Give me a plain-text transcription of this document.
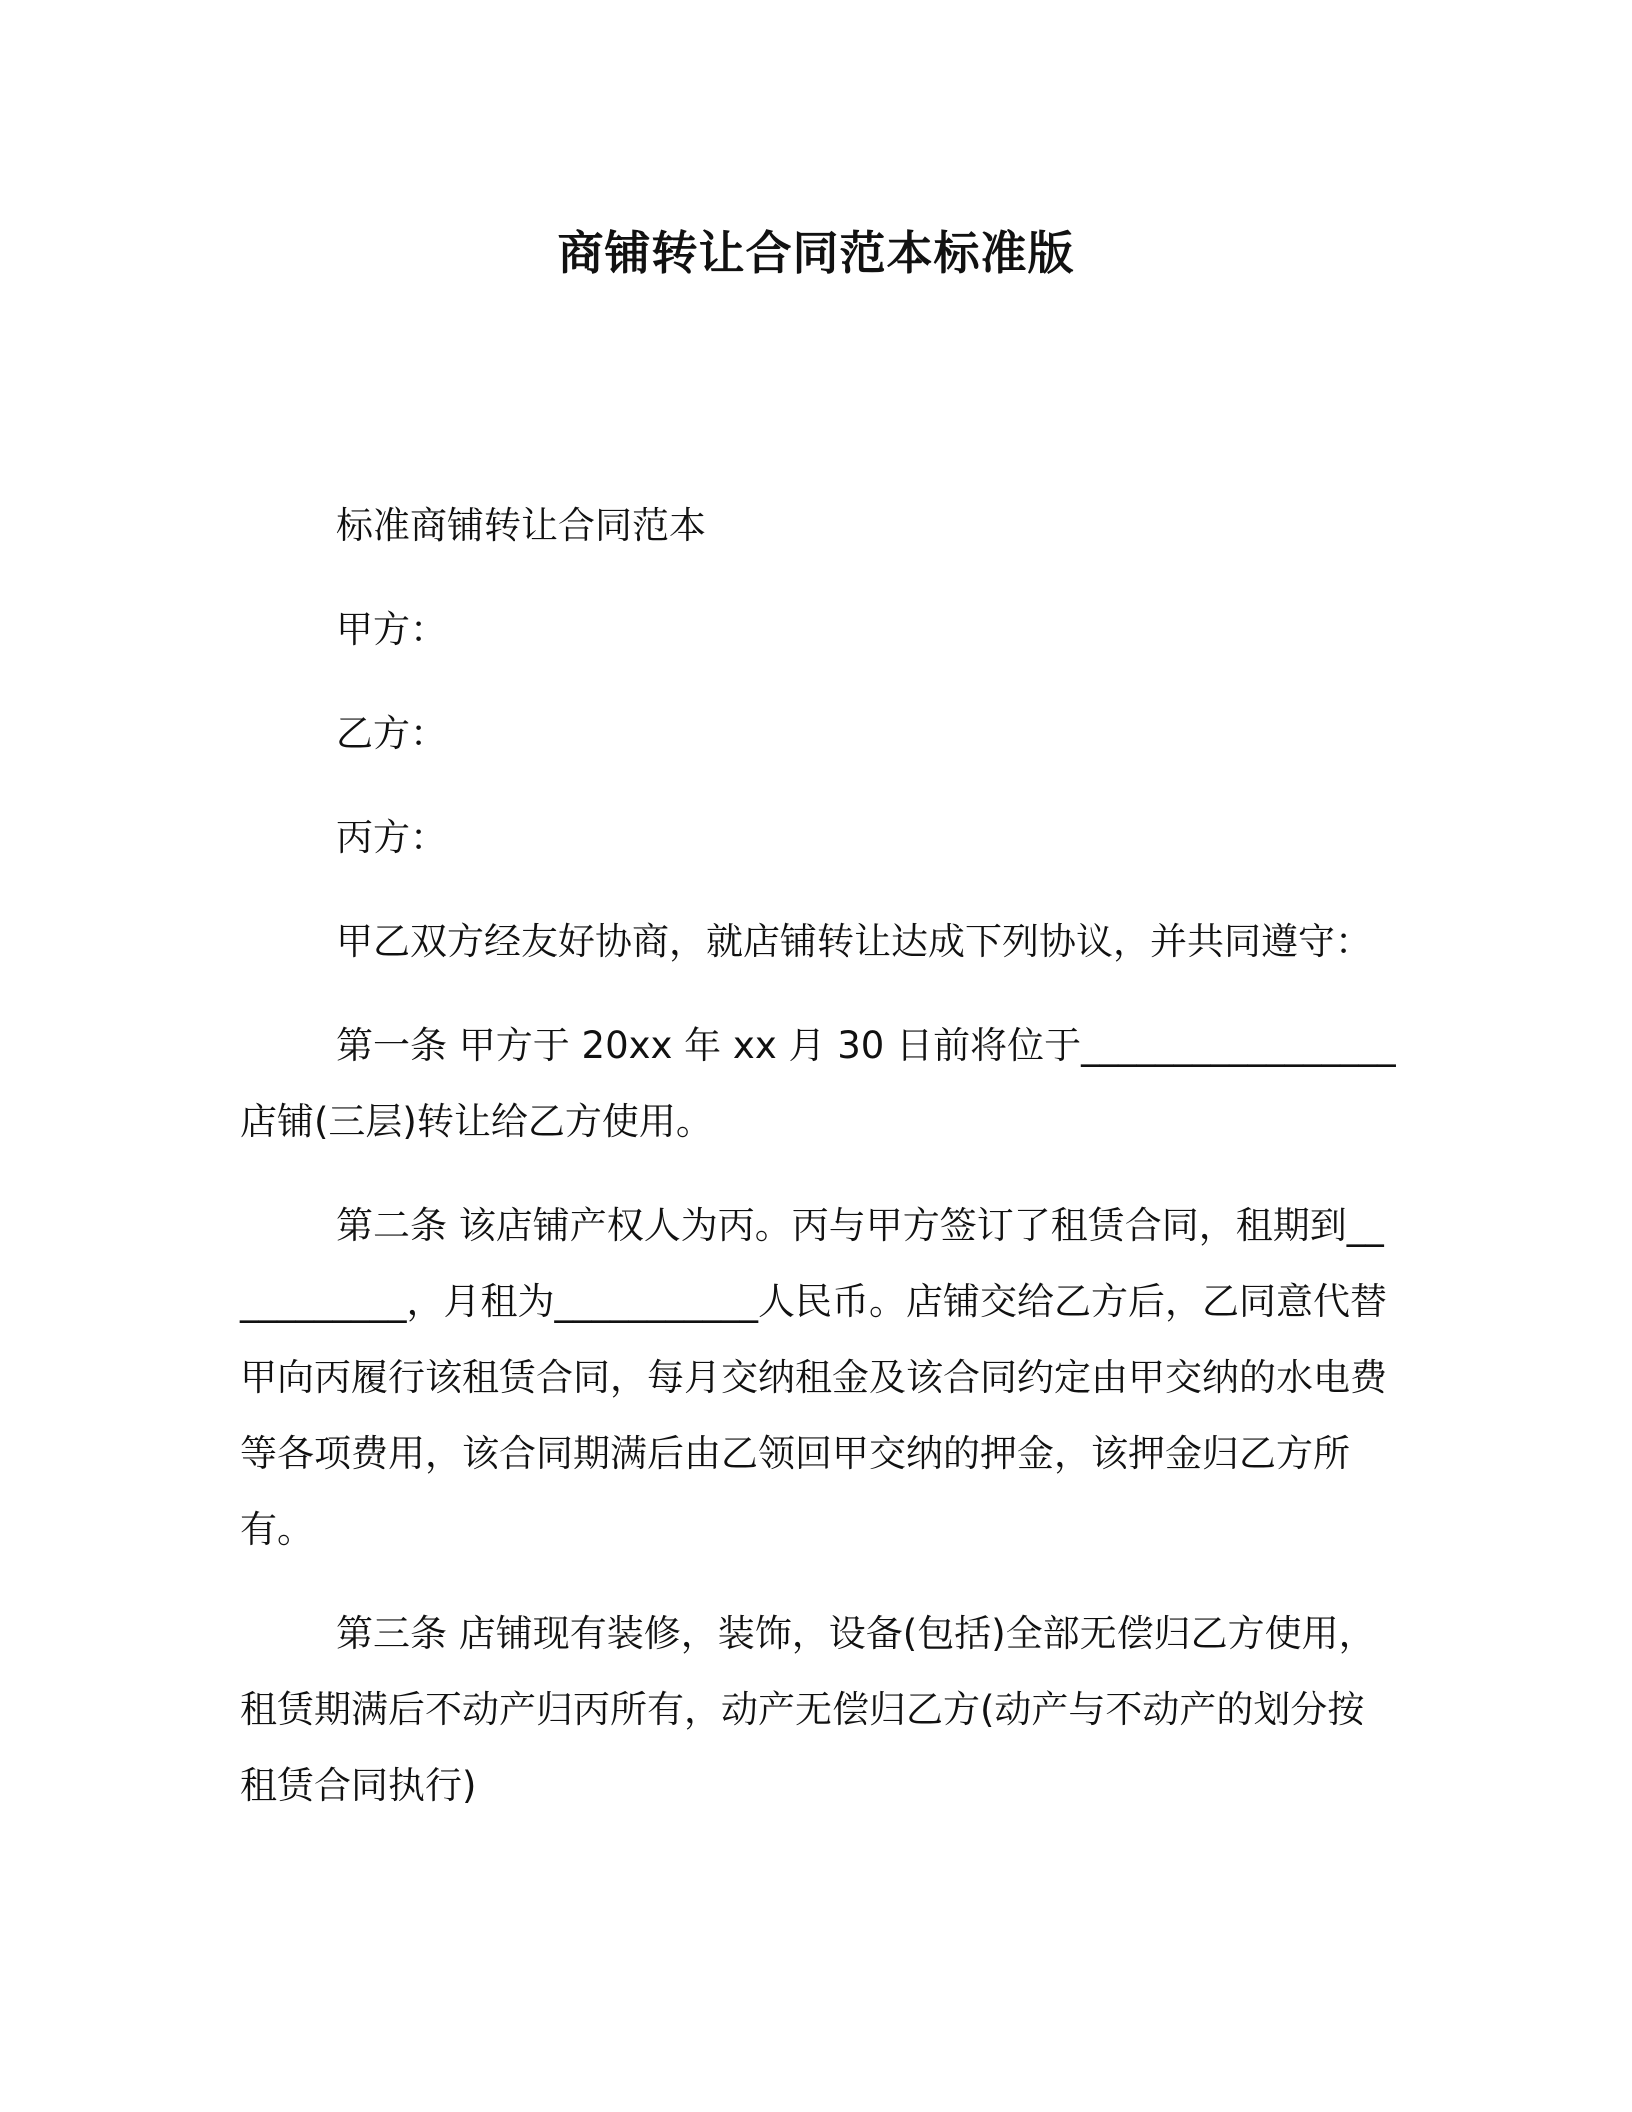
商铺转让合同范本标准版

标准商铺转让合同范本

甲方：

乙方：

丙方：

甲乙双方经友好协商，就店铺转让达成下列协议，并共同遵守：

第一条 甲方于 20xx 年 xx 月 30 日前将位于_________________店铺(三层)转让给乙方使用。

第二条 该店铺产权人为丙。丙与甲方签订了租赁合同，租期到___________，月租为___________人民币。店铺交给乙方后，乙同意代替甲向丙履行该租赁合同，每月交纳租金及该合同约定由甲交纳的水电费等各项费用，该合同期满后由乙领回甲交纳的押金，该押金归乙方所有。

第三条 店铺现有装修，装饰，设备(包括)全部无偿归乙方使用，租赁期满后不动产归丙所有，动产无偿归乙方(动产与不动产的划分按租赁合同执行)
